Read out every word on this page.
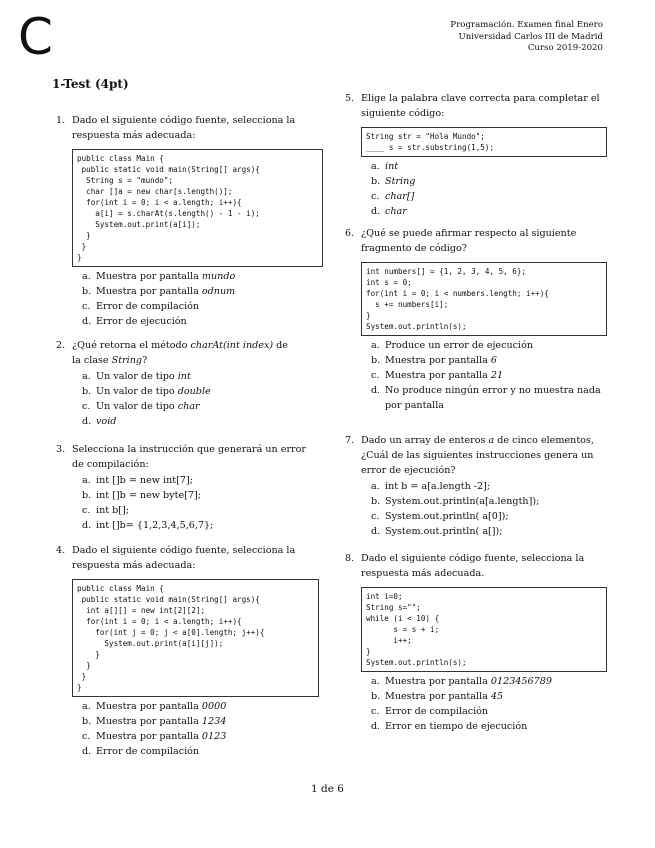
C	Programación. Examen final Enero
Universidad Carlos III de Madrid
Curso 2019-2020
1-Test (4pt)
1. Dado el siguiente código fuente, selecciona la respuesta más adecuada:
public class Main {
public static void main(String[] args){
String s = "mundo";
char []a = new char[s.length()];
for(int i = 0; i < a.length; i++){
a[i] = s.charAt(s.length() - 1 - i);
System.out.print(a[i]);
}
}
}
a. Muestra por pantalla mundo
b. Muestra por pantalla odnum
c. Error de compilación
d. Error de ejecución
2. ¿Qué retorna el método charAt(int index) de la clase String?
a. Un valor de tipo int
b. Un valor de tipo double
c. Un valor de tipo char
d. void
3. Selecciona la instrucción que generará un error de compilación:
a. int []b = new int[7];
b. int []b = new byte[7];
c. int b[];
d. int []b= {1,2,3,4,5,6,7};
4. Dado el siguiente código fuente, selecciona la respuesta más adecuada:
public class Main {
public static void main(String[] args){
int a[][] = new int[2][2];
for(int i = 0; i < a.length; i++){
for(int j = 0; j < a[0].length; j++){
System.out.print(a[i][j]);
}
}
}
}
a. Muestra por pantalla 0000
b. Muestra por pantalla 1234
c. Muestra por pantalla 0123
d. Error de compilación
5. Elige la palabra clave correcta para completar el siguiente código:
String str = "Hola Mundo";
____ s = str.substring(1,5);
a. int
b. String
c. char[]
d. char
6. ¿Qué se puede afirmar respecto al siguiente fragmento de código?
int numbers[] = {1, 2, 3, 4, 5, 6};
int s = 0;
for(int i = 0; i < numbers.length; i++){
s += numbers[i];
}
System.out.println(s);
a. Produce un error de ejecución
b. Muestra por pantalla 6
c. Muestra por pantalla 21
d. No produce ningún error y no muestra nada por pantalla
7. Dado un array de enteros a de cinco elementos, ¿Cuál de las siguientes instrucciones genera un error de ejecución?
a. int b = a[a.length -2];
b. System.out.println(a[a.length]);
c. System.out.println( a[0]);
d. System.out.println( a[]);
8. Dado el siguiente código fuente, selecciona la respuesta más adecuada.
int i=0;
String s="";
while (i < 10) {
s = s + i;
i++;
}
System.out.println(s);
a. Muestra por pantalla 0123456789
b. Muestra por pantalla 45
c. Error de compilación
d. Error en tiempo de ejecución
1 de 6
